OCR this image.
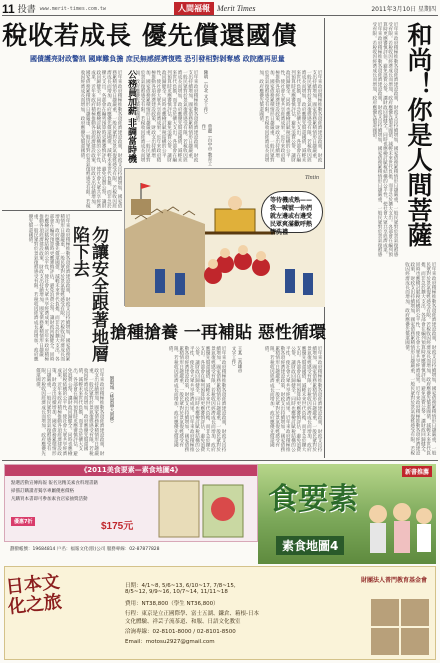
11 投書 www.merit-times.com.tw	人間福報 Merit Times	2011年3月10日 星期四
稅收若成長 優先償還國債
國債護亮財政警訊 國庫難負擔 庶民無感經濟復甦 恐引發相對剝奪感 政院應再思量	和尚！你是人間菩薩
近年來政府積極推動各項經濟建設政策，財政支出持續增加，國家債務累積情形日趨嚴重，一般民眾對於景氣復甦感受有限。若稅收因經濟成長而增加，政府應優先償還國債，減輕未來世代負擔，而非急於擴大支出。各部會在編列預算時更應審慎評估，避免浪費公帑，讓財政回歸健全。同時也應檢討賦稅結構的公平性，使社會大眾共享經濟成果。近年來政府積極推動各項經濟建設政策，財政支出持續增加，國家債務累積情形日趨嚴重，一般民眾對於景氣復甦感受有限。若稅收因經濟成長而增加，政府應優先償還國債。
近年來政府積極推動各項經濟建設政策，財政支出持續增加，國家債務累積情形日趨嚴重，一般民眾對於景氣復甦感受有限。若稅收因經濟成長而增加，政府應優先償還國債，減輕未來世代負擔，而非急於擴大支出。各部會在編列預算時更應審慎評估，避免浪費公帑，讓財政回歸健全。同時也應檢討賦稅結構的公平性，使社會大眾共享經濟成果。近年來政府積極推動各項經濟建設政策，財政支出持續增加，國家債務累積情形日趨嚴重，一般民眾對於景氣復甦感受有限。若稅收因經濟成長而增加，政府應優先償還國債。
近年來政府積極推動各項經濟建設政策，財政支出持續增加，國家債務累積情形日趨嚴重，一般民眾對於景氣復甦感受有限。若稅收因經濟成長而增加，政府應優先償還國債，減輕未來世代負擔，而非急於擴大支出。各部會在編列預算時更應審慎評估，避免浪費公帑，讓財政回歸健全。同時也應檢討賦稅結構的公平性，使社會大眾共享經濟成果。近年來政府積極推動各項經濟建設政策，財政支出持續增加，國家債務累積情形日趨嚴重，一般民眾對於景氣復甦感受有限。若稅收因經濟成長而增加，政府應優先償還國債。	公務員加薪 非調當時機	近年來政府積極推動各項經濟建設政策，財政支出持續增加，國家債務累積情形日趨嚴重，一般民眾對於景氣復甦感受有限。若稅收因經濟成長而增加，政府應優先償還國債，減輕未來世代負擔，而非急於擴大支出。各部會在編列預算時更應審慎評估，避免浪費公帑，讓財政回歸健全。同時也應檢討賦稅結構的公平性，使社會大眾共享經濟成果。近年來政府積極推動各項經濟建設政策，財政支出持續增加，國家債務累積情形日趨嚴重，一般民眾對於景氣復甦感受有限。若稅收因經濟成長而增加，政府應優先償還國債。
曾麗（台中市 教育工作）	近年來政府積極推動各項經濟建設政策，財政支出持續增加，國家債務累積情形日趨嚴重，一般民眾對於景氣復甦感受有限。若稅收因經濟成長而增加，政府應優先償還國債，減輕未來世代負擔，而非急於擴大支出。各部會在編列預算時更應審慎評估，避免浪費公帑，讓財政回歸健全。同時也應檢討賦稅結構的公平性，使社會大眾共享經濟成果。近年來政府積極推動各項經濟建設政策，財政支出持續增加，國家債務累積情形日趨嚴重，一般民眾對於景氣復甦感受有限。若稅收因經濟成長而增加，政府應優先償還國債。
陳明（台北 文字工作）
等待機成熟——我一喊號一你們就左邊或右邊受民眾爽滿歡呼熱情洗禮
Tintin
近年來政府積極推動各項經濟建設政策，財政支出持續增加，國家債務累積情形日趨嚴重，一般民眾對於景氣復甦感受有限。若稅收因經濟成長而增加，政府應優先償還國債，減輕未來世代負擔，而非急於擴大支出。各部會在編列預算時更應審慎評估，避免浪費公帑，讓財政回歸健全。同時也應檢討賦稅結構的公平性，使社會大眾共享經濟成果。近年來政府積極推動各項經濟建設政策，財政支出持續增加，國家債務累積情形日趨嚴重，一般民眾對於景氣復甦感受有限。若稅收因經濟成長而增加，政府應優先償還國債。	勿讓安全跟著地層陷下去
近年來政府積極推動各項經濟建設政策，財政支出持續增加，國家債務累積情形日趨嚴重，一般民眾對於景氣復甦感受有限。若稅收因經濟成長而增加，政府應優先償還國債，減輕未來世代負擔，而非急於擴大支出。各部會在編列預算時更應審慎評估，避免浪費公帑，讓財政回歸健全。同時也應檢討賦稅結構的公平性，使社會大眾共享經濟成果。近年來政府積極推動各項經濟建設政策，財政支出持續增加，國家債務累積情形日趨嚴重，一般民眾對於景氣復甦感受有限。若稅收因經濟成長而增加，政府應優先償還國債。	劉朝城（桃園縣大園鄉）
搶種搶養 一再補貼 惡性循環
王某（高雄市 文字工作）
近年來政府積極推動各項經濟建設政策，財政支出持續增加，國家債務累積情形日趨嚴重，一般民眾對於景氣復甦感受有限。若稅收因經濟成長而增加，政府應優先償還國債，減輕未來世代負擔，而非急於擴大支出。各部會在編列預算時更應審慎評估，避免浪費公帑，讓財政回歸健全。同時也應檢討賦稅結構的公平性，使社會大眾共享經濟成果。近年來政府積極推動各項經濟建設政策，財政支出持續增加，國家債務累積情形日趨嚴重，一般民眾對於景氣復甦感受有限。若稅收因經濟成長而增加，政府應優先償還國債。	近年來政府積極推動各項經濟建設政策，財政支出持續增加，國家債務累積情形日趨嚴重，一般民眾對於景氣復甦感受有限。若稅收因經濟成長而增加，政府應優先償還國債，減輕未來世代負擔，而非急於擴大支出。各部會在編列預算時更應審慎評估，避免浪費公帑，讓財政回歸健全。同時也應檢討賦稅結構的公平性，使社會大眾共享經濟成果。近年來政府積極推動各項經濟建設政策，財政支出持續增加，國家債務累積情形日趨嚴重，一般民眾對於景氣復甦感受有限。若稅收因經濟成長而增加，政府應優先償還國債。
《2011美食要素—素食地圖4》
點選活動宣傳海報 報名送精美素食料理書籍
掃描訂購讀者獨享專屬優惠價格
凡購買本書即可參加素食店家抽獎活動
優惠7折	$175元
食要素
素食地圖4
新書推薦
劃撥帳號：19684814 戶名：福報文化(股)公司 服務專線：02-87877828
日本文化之旅
財團法人普門教育基金會
日期：4/1~8, 5/6~13, 6/10~17, 7/8~15,
8/5~12, 9/9~16, 10/7~14, 11/11~18
費用：NT38,800（學生 NT36,800）
行程：東京是立正國際學、富士五湖、鎌倉、箱根-日本
文化體驗、祥芸子流茶道、和服、日語文化教室
洽詢專線：02-8101-8000 / 02-8101-8500
Email：motosu2927@gmail.com
